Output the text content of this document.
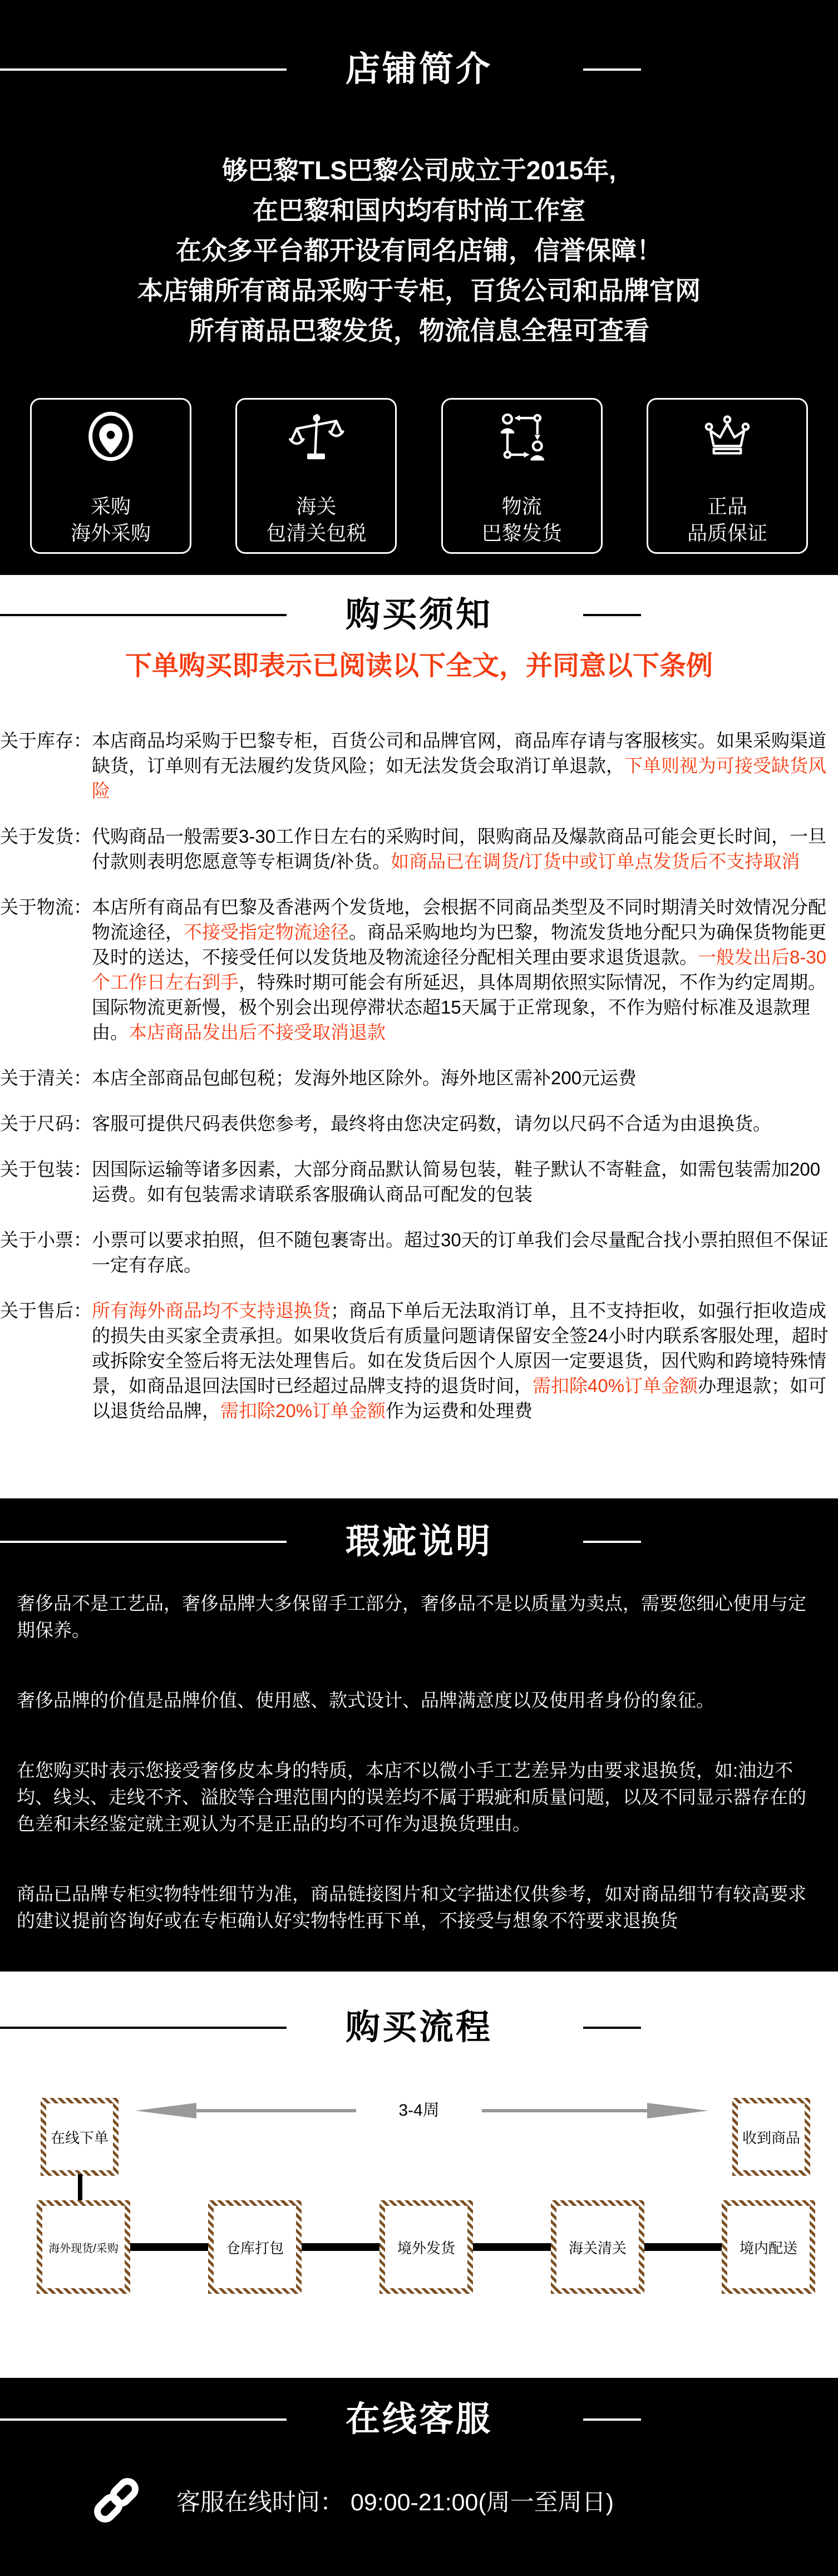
店铺简介
够巴黎TLS巴黎公司成立于2015年,
在巴黎和国内均有时尚工作室
在众多平台都开设有同名店铺，信誉保障！
本店铺所有商品采购于专柜，百货公司和品牌官网
所有商品巴黎发货，物流信息全程可查看
采购
海外采购
海关
包清关包税
物流
巴黎发货
正品
品质保证
购买须知
下单购买即表示已阅读以下全文，并同意以下条例
关于库存： 本店商品均采购于巴黎专柜，百货公司和品牌官网，商品库存请与客服核实。如果采购渠道缺货，订单则有无法履约发货风险；如无法发货会取消订单退款，下单则视为可接受缺货风险
关于发货： 代购商品一般需要3-30工作日左右的采购时间，限购商品及爆款商品可能会更长时间，一旦付款则表明您愿意等专柜调货/补货。如商品已在调货/订货中或订单点发货后不支持取消
关于物流： 本店所有商品有巴黎及香港两个发货地，会根据不同商品类型及不同时期清关时效情况分配物流途径，不接受指定物流途径。商品采购地均为巴黎，物流发货地分配只为确保货物能更及时的送达，不接受任何以发货地及物流途径分配相关理由要求退货退款。一般发出后8-30个工作日左右到手，特殊时期可能会有所延迟，具体周期依照实际情况，不作为约定周期。国际物流更新慢，极个别会出现停滞状态超15天属于正常现象，不作为赔付标准及退款理由。本店商品发出后不接受取消退款
关于清关： 本店全部商品包邮包税；发海外地区除外。海外地区需补200元运费
关于尺码： 客服可提供尺码表供您参考，最终将由您决定码数，请勿以尺码不合适为由退换货。
关于包装： 因国际运输等诸多因素，大部分商品默认简易包装，鞋子默认不寄鞋盒，如需包装需加200运费。如有包装需求请联系客服确认商品可配发的包装
关于小票： 小票可以要求拍照，但不随包裹寄出。超过30天的订单我们会尽量配合找小票拍照但不保证一定有存底。
关于售后： 所有海外商品均不支持退换货；商品下单后无法取消订单，且不支持拒收，如强行拒收造成的损失由买家全责承担。如果收货后有质量问题请保留安全签24小时内联系客服处理，超时或拆除安全签后将无法处理售后。如在发货后因个人原因一定要退货，因代购和跨境特殊情景，如商品退回法国时已经超过品牌支持的退货时间，需扣除40%订单金额办理退款；如可以退货给品牌，需扣除20%订单金额作为运费和处理费
瑕疵说明

奢侈品不是工艺品，奢侈品牌大多保留手工部分，奢侈品不是以质量为卖点，需要您细心使用与定期保养。

奢侈品牌的价值是品牌价值、使用感、款式设计、品牌满意度以及使用者身份的象征。

在您购买时表示您接受奢侈皮本身的特质，本店不以微小手工艺差异为由要求退换货，如:油边不均、线头、走线不齐、溢胶等合理范围内的误差均不属于瑕疵和质量问题，以及不同显示器存在的色差和未经鉴定就主观认为不是正品的均不可作为退换货理由。

商品已品牌专柜实物特性细节为准，商品链接图片和文字描述仅供参考，如对商品细节有较高要求的建议提前咨询好或在专柜确认好实物特性再下单，不接受与想象不符要求退换货

购买流程
在线下单	收到商品
3-4周
海外现货/采购	仓库打包	境外发货	海关清关	境内配送
在线客服
客服在线时间： 09:00-21:00(周一至周日)
